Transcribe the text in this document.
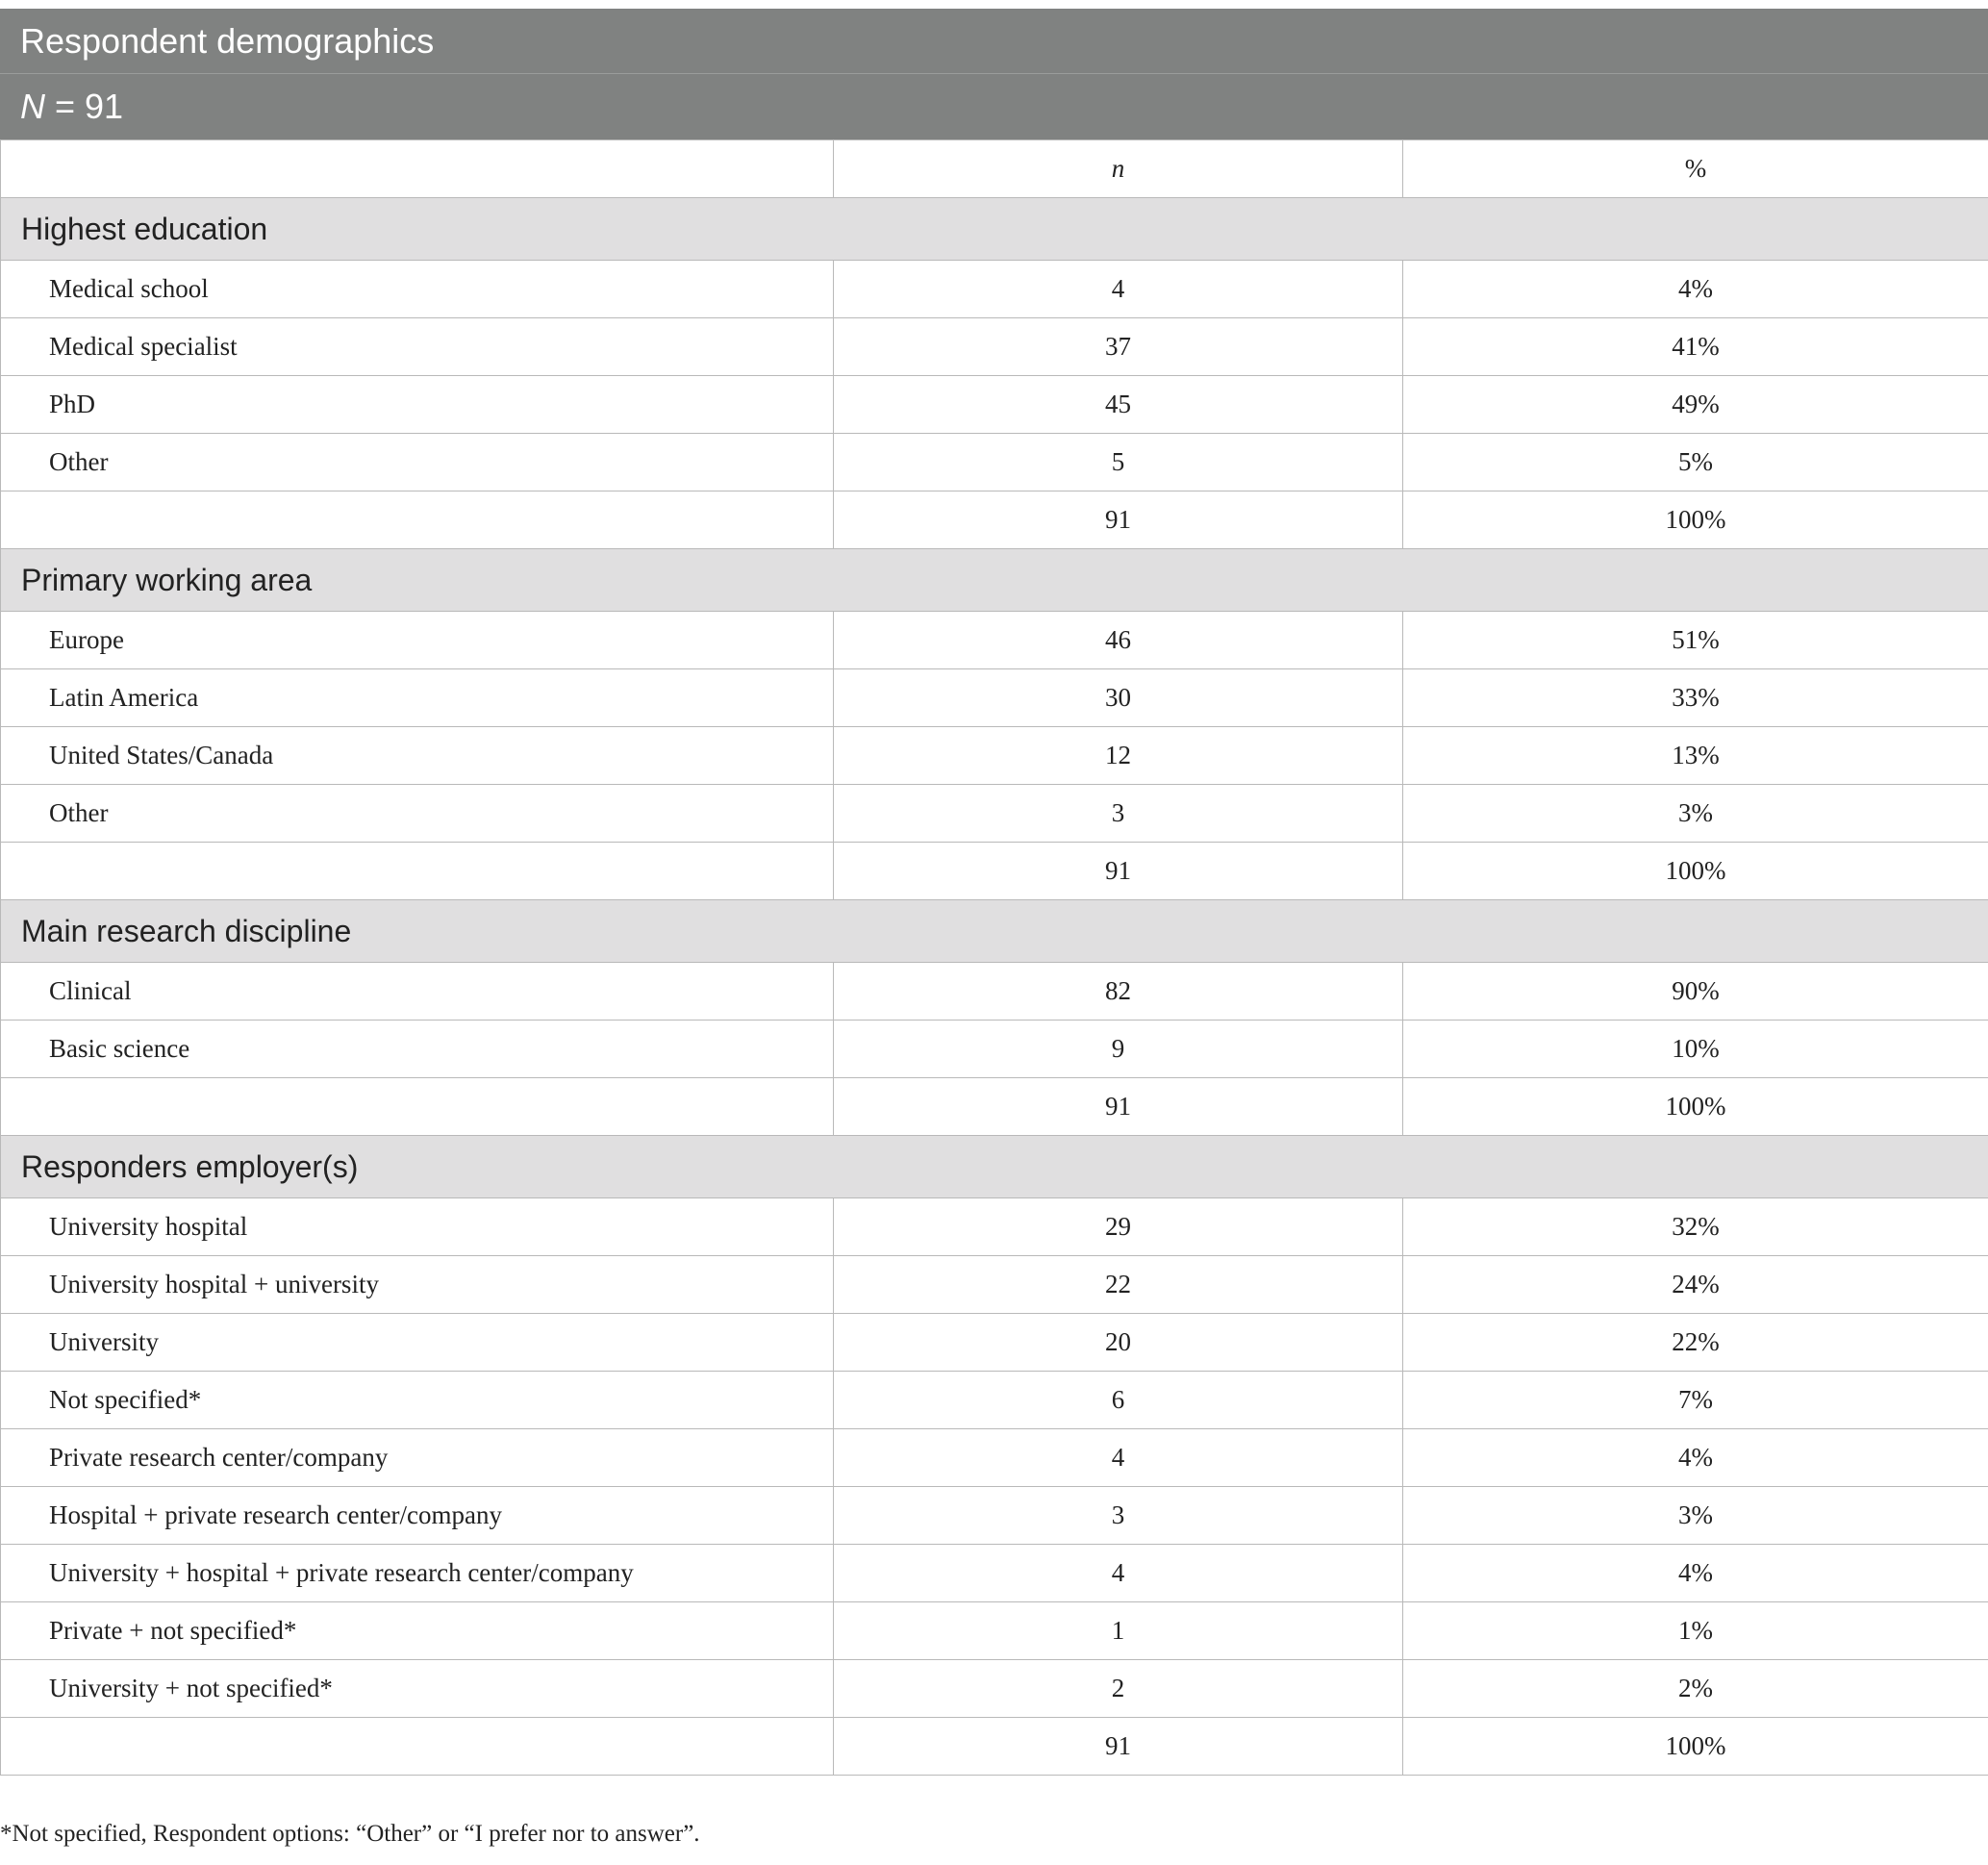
Respondent demographics
N = 91
	n	%
Highest education		
Medical school	4	4%
Medical specialist	37	41%
PhD	45	49%
Other	5	5%
	91	100%
Primary working area		
Europe	46	51%
Latin America	30	33%
United States/Canada	12	13%
Other	3	3%
	91	100%
Main research discipline		
Clinical	82	90%
Basic science	9	10%
	91	100%
Responders employer(s)		
University hospital	29	32%
University hospital + university	22	24%
University	20	22%
Not specified*	6	7%
Private research center/company	4	4%
Hospital + private research center/company	3	3%
University + hospital + private research center/company	4	4%
Private + not specified*	1	1%
University + not specified*	2	2%
	91	100%
*Not specified, Respondent options: “Other” or “I prefer nor to answer”.
